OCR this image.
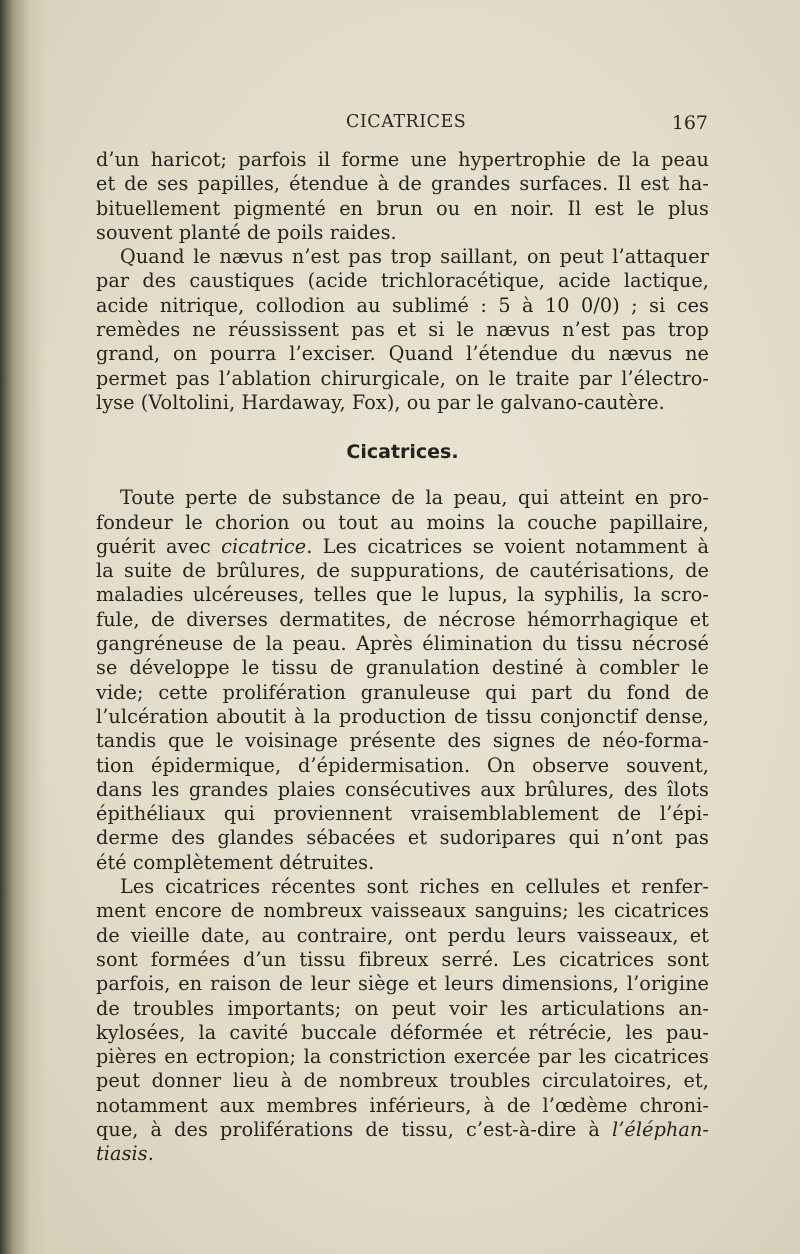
CICATRICES	167
d’un haricot; parfois il forme une hypertrophie de la peau
et de ses papilles, étendue à de grandes surfaces. Il est ha-
bituellement pigmenté en brun ou en noir. Il est le plus
souvent planté de poils raides.
Quand le nævus n’est pas trop saillant, on peut l’attaquer
par des caustiques (acide trichloracétique, acide lactique,
acide nitrique, collodion au sublimé : 5 à 10 0/0) ; si ces
remèdes ne réussissent pas et si le nævus n’est pas trop
grand, on pourra l’exciser. Quand l’étendue du nævus ne
permet pas l’ablation chirurgicale, on le traite par l’électro-
lyse (Voltolini, Hardaway, Fox), ou par le galvano-cautère.
Cicatrices.
Toute perte de substance de la peau, qui atteint en pro-
fondeur le chorion ou tout au moins la couche papillaire,
guérit avec cicatrice. Les cicatrices se voient notamment à
la suite de brûlures, de suppurations, de cautérisations, de
maladies ulcéreuses, telles que le lupus, la syphilis, la scro-
fule, de diverses dermatites, de nécrose hémorrhagique et
gangréneuse de la peau. Après élimination du tissu nécrosé
se développe le tissu de granulation destiné à combler le
vide; cette prolifération granuleuse qui part du fond de
l’ulcération aboutit à la production de tissu conjonctif dense,
tandis que le voisinage présente des signes de néo-forma-
tion épidermique, d’épidermisation. On observe souvent,
dans les grandes plaies consécutives aux brûlures, des îlots
épithéliaux qui proviennent vraisemblablement de l’épi-
derme des glandes sébacées et sudoripares qui n’ont pas
été complètement détruites.
Les cicatrices récentes sont riches en cellules et renfer-
ment encore de nombreux vaisseaux sanguins; les cicatrices
de vieille date, au contraire, ont perdu leurs vaisseaux, et
sont formées d’un tissu fibreux serré. Les cicatrices sont
parfois, en raison de leur siège et leurs dimensions, l’origine
de troubles importants; on peut voir les articulations an-
kylosées, la cavité buccale déformée et rétrécie, les pau-
pières en ectropion; la constriction exercée par les cicatrices
peut donner lieu à de nombreux troubles circulatoires, et,
notamment aux membres inférieurs, à de l’œdème chroni-
que, à des proliférations de tissu, c’est-à-dire à l’éléphan-
tiasis.
